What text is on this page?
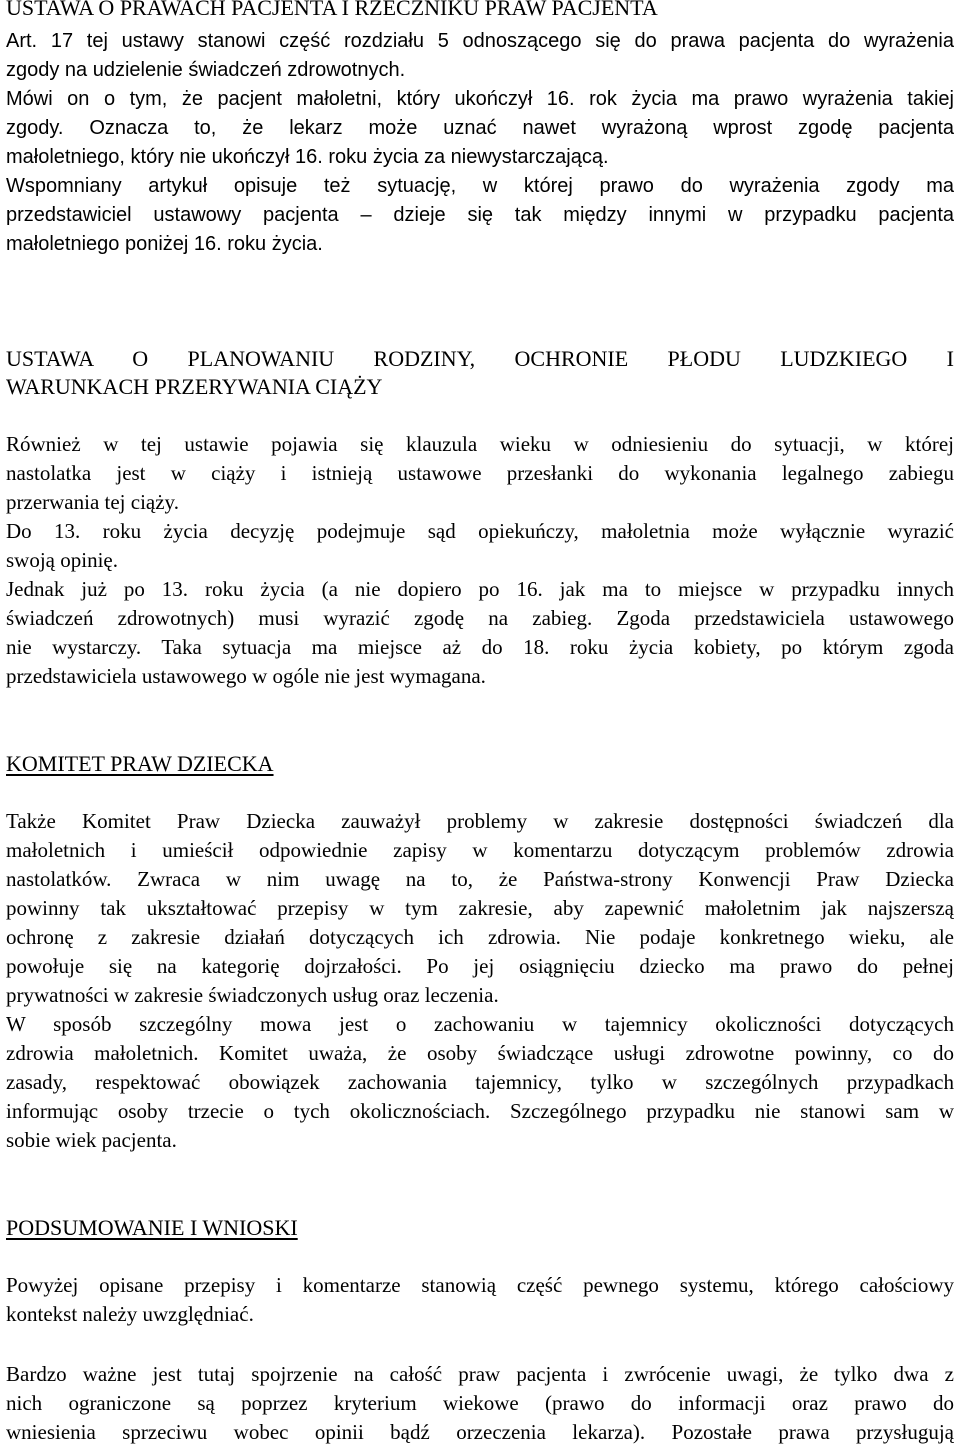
USTAWA O PRAWACH PACJENTA I RZECZNIKU PRAW PACJENTA
Art. 17 tej ustawy stanowi część rozdziału 5 odnoszącego się do prawa pacjenta do wyrażenia
zgody na udzielenie świadczeń zdrowotnych.
Mówi on o tym, że pacjent małoletni, który ukończył 16. rok życia ma prawo wyrażenia takiej
zgody. Oznacza to, że lekarz może uznać nawet wyrażoną wprost zgodę pacjenta
małoletniego, który nie ukończył 16. roku życia za niewystarczającą.
Wspomniany artykuł opisuje też sytuację, w której prawo do wyrażenia zgody ma
przedstawiciel ustawowy pacjenta – dzieje się tak między innymi w przypadku pacjenta
małoletniego poniżej 16. roku życia.
USTAWA O PLANOWANIU RODZINY, OCHRONIE PŁODU LUDZKIEGO I
WARUNKACH PRZERYWANIA CIĄŻY
Również w tej ustawie pojawia się klauzula wieku w odniesieniu do sytuacji, w której
nastolatka jest w ciąży i istnieją ustawowe przesłanki do wykonania legalnego zabiegu
przerwania tej ciąży.
Do 13. roku życia decyzję podejmuje sąd opiekuńczy, małoletnia może wyłącznie wyrazić
swoją opinię.
Jednak już po 13. roku życia (a nie dopiero po 16. jak ma to miejsce w przypadku innych
świadczeń zdrowotnych) musi wyrazić zgodę na zabieg. Zgoda przedstawiciela ustawowego
nie wystarczy. Taka sytuacja ma miejsce aż do 18. roku życia kobiety, po którym zgoda
przedstawiciela ustawowego w ogóle nie jest wymagana.
KOMITET PRAW DZIECKA
Także Komitet Praw Dziecka zauważył problemy w zakresie dostępności świadczeń dla
małoletnich i umieścił odpowiednie zapisy w komentarzu dotyczącym problemów zdrowia
nastolatków. Zwraca w nim uwagę na to, że Państwa-strony Konwencji Praw Dziecka
powinny tak ukształtować przepisy w tym zakresie, aby zapewnić małoletnim jak najszerszą
ochronę z zakresie działań dotyczących ich zdrowia. Nie podaje konkretnego wieku, ale
powołuje się na kategorię dojrzałości. Po jej osiągnięciu dziecko ma prawo do pełnej
prywatności w zakresie świadczonych usług oraz leczenia.
W sposób szczególny mowa jest o zachowaniu w tajemnicy okoliczności dotyczących
zdrowia małoletnich. Komitet uważa, że osoby świadczące usługi zdrowotne powinny, co do
zasady, respektować obowiązek zachowania tajemnicy, tylko w szczególnych przypadkach
informując osoby trzecie o tych okolicznościach. Szczególnego przypadku nie stanowi sam w
sobie wiek pacjenta.
PODSUMOWANIE I WNIOSKI
Powyżej opisane przepisy i komentarze stanowią część pewnego systemu, którego całościowy
kontekst należy uwzględniać.
Bardzo ważne jest tutaj spojrzenie na całość praw pacjenta i zwrócenie uwagi, że tylko dwa z
nich ograniczone są poprzez kryterium wiekowe (prawo do informacji oraz prawo do
wniesienia sprzeciwu wobec opinii bądź orzeczenia lekarza). Pozostałe prawa przysługują
